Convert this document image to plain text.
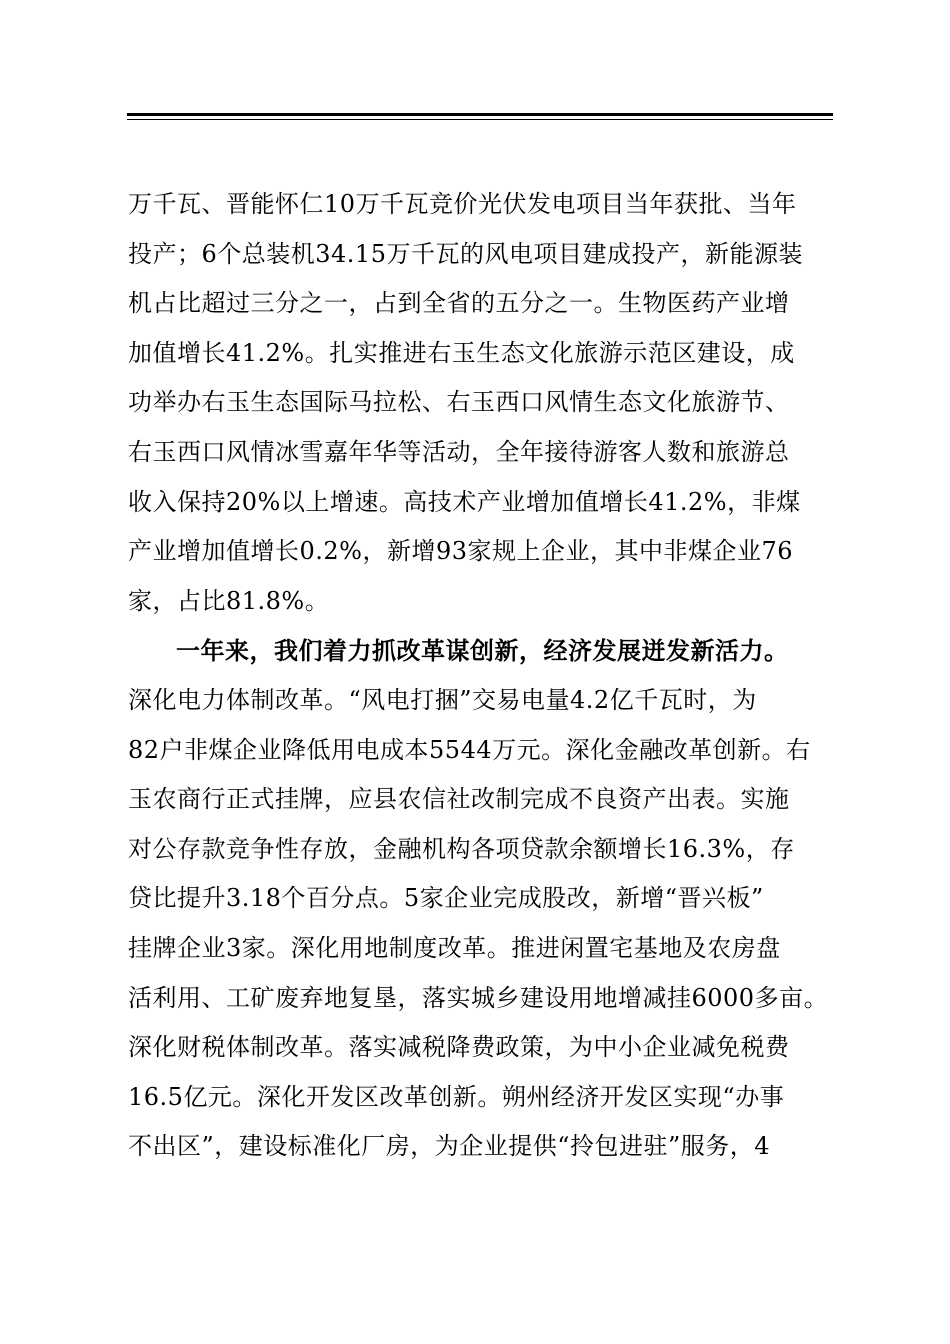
万千瓦、晋能怀仁10万千瓦竞价光伏发电项目当年获批、当年
投产；6个总装机34.15万千瓦的风电项目建成投产，新能源装
机占比超过三分之一，占到全省的五分之一。生物医药产业增
加值增长41.2%。扎实推进右玉生态文化旅游示范区建设，成
功举办右玉生态国际马拉松、右玉西口风情生态文化旅游节、
右玉西口风情冰雪嘉年华等活动，全年接待游客人数和旅游总
收入保持20%以上增速。高技术产业增加值增长41.2%，非煤
产业增加值增长0.2%，新增93家规上企业，其中非煤企业76
家，占比81.8%。
一年来，我们着力抓改革谋创新，经济发展迸发新活力。
深化电力体制改革。“风电打捆”交易电量4.2亿千瓦时，为
82户非煤企业降低用电成本5544万元。深化金融改革创新。右
玉农商行正式挂牌，应县农信社改制完成不良资产出表。实施
对公存款竞争性存放，金融机构各项贷款余额增长16.3%，存
贷比提升3.18个百分点。5家企业完成股改，新增“晋兴板”
挂牌企业3家。深化用地制度改革。推进闲置宅基地及农房盘
活利用、工矿废弃地复垦，落实城乡建设用地增减挂6000多亩。
深化财税体制改革。落实减税降费政策，为中小企业减免税费
16.5亿元。深化开发区改革创新。朔州经济开发区实现“办事
不出区”，建设标准化厂房，为企业提供“拎包进驻”服务，4
